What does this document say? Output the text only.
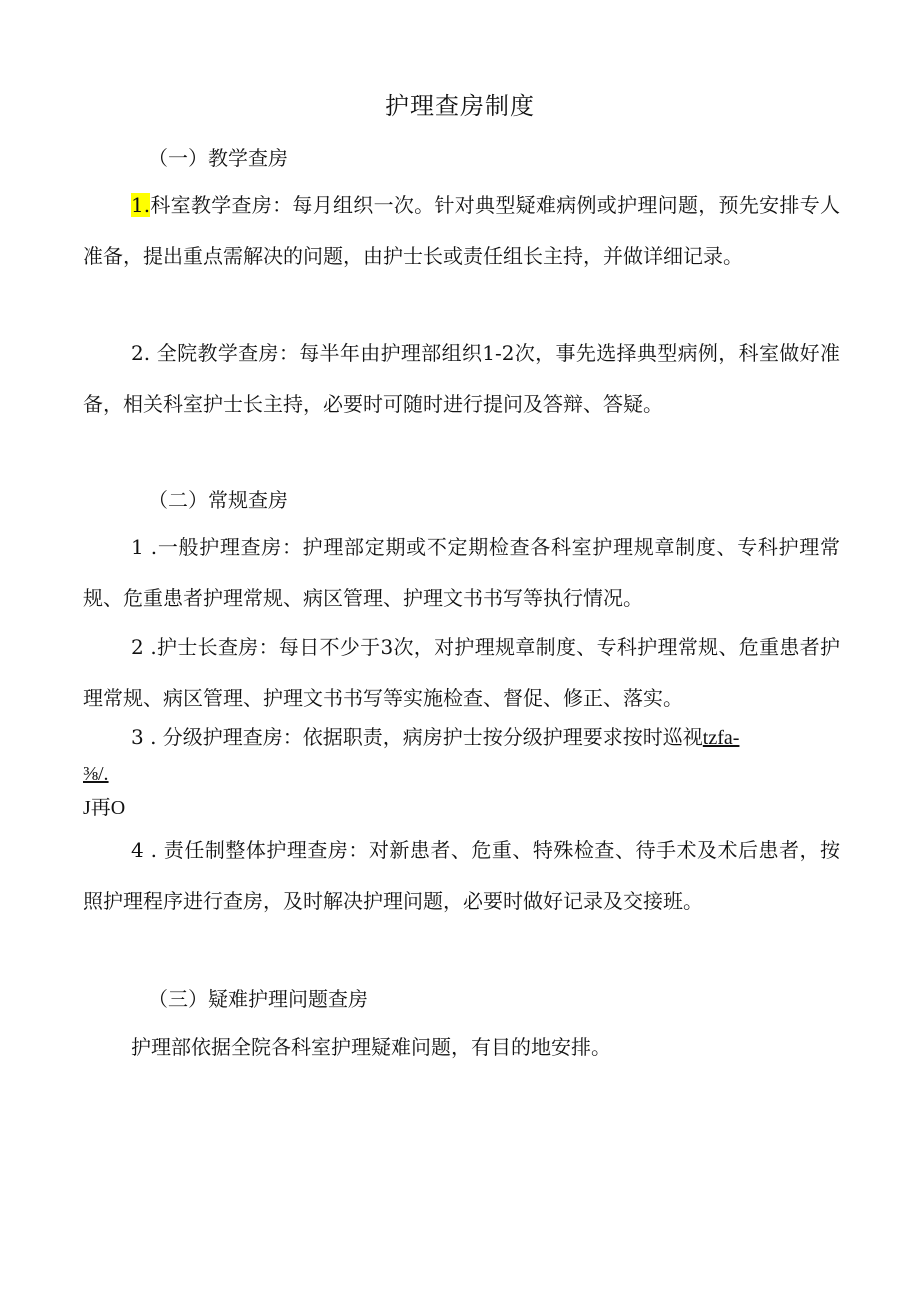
护理查房制度
（一）教学查房
1.科室教学查房：每月组织一次。针对典型疑难病例或护理问题，预先安排专人准备，提出重点需解决的问题，由护士长或责任组长主持，并做详细记录。
2. 全院教学查房：每半年由护理部组织1-2次，事先选择典型病例，科室做好准备，相关科室护士长主持，必要时可随时进行提问及答辩、答疑。
（二）常规查房
1 .一般护理查房：护理部定期或不定期检查各科室护理规章制度、专科护理常规、危重患者护理常规、病区管理、护理文书书写等执行情况。
2 .护士长查房：每日不少于3次，对护理规章制度、专科护理常规、危重患者护理常规、病区管理、护理文书书写等实施检查、督促、修正、落实。
3 . 分级护理查房：依据职责，病房护士按分级护理要求按时巡视tzfa-
⅜/.
J再O
4 . 责任制整体护理查房：对新患者、危重、特殊检查、待手术及术后患者，按照护理程序进行查房，及时解决护理问题，必要时做好记录及交接班。
（三）疑难护理问题查房
护理部依据全院各科室护理疑难问题，有目的地安排。
